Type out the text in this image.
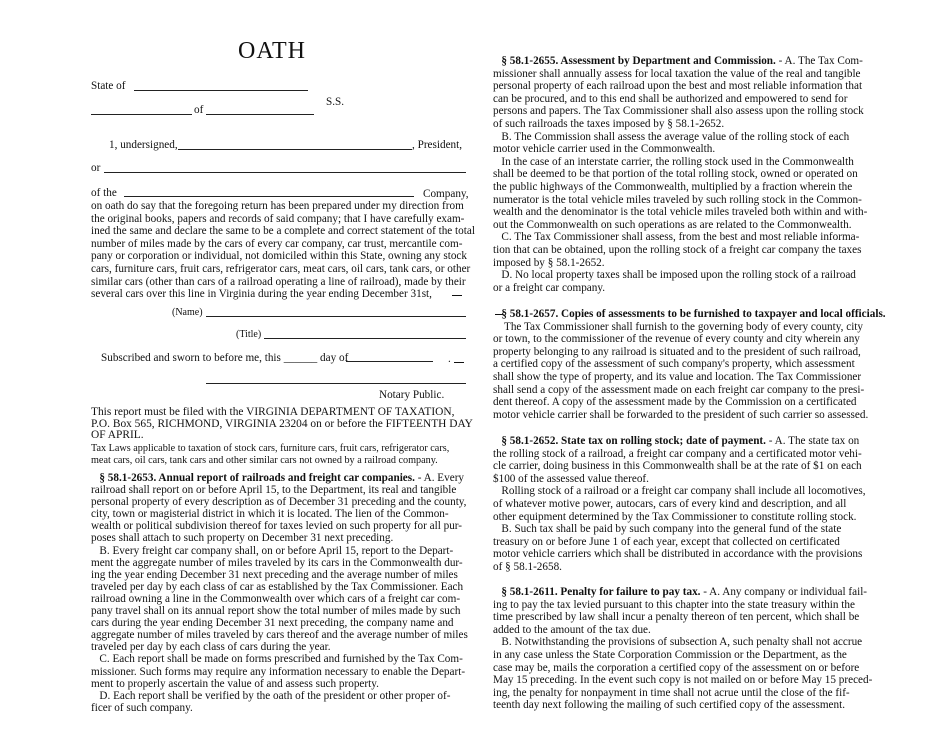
OATH
State of
of
S.S.
1, undersigned,	, President,
or
of the	Company,
on oath do say that the foregoing return has been prepared under my direction from
the original books, papers and records of said company; that I have carefully exam-
ined the same and declare the same to be a complete and correct statement of the total
number of miles made by the cars of every car company, car trust, mercantile com-
pany or corporation or individual, not domiciled within this State, owning any stock
cars, furniture cars, fruit cars, refrigerator cars, meat cars, oil cars, tank cars, or other
similar cars (other than cars of a railroad operating a line of railroad), made by their
several cars over this line in Virginia during the year ending December 31st,
(Name)
(Title)
Subscribed and sworn to before me, this ______ day of	.
Notary Public.
This report must be filed with the VIRGINIA DEPARTMENT OF TAXATION,
P.O. Box 565, RICHMOND, VIRGINIA 23204 on or before the FIFTEENTH DAY
OF APRIL.
Tax Laws applicable to taxation of stock cars, furniture cars, fruit cars, refrigerator cars,
meat cars, oil cars, tank cars and other similar cars not owned by a railroad company.
§ 58.1-2653. Annual report of railroads and freight car companies. - A. Every
railroad shall report on or before April 15, to the Department, its real and tangible
personal property of every description as of December 31 preceding and the county,
city, town or magisterial district in which it is located. The lien of the Common-
wealth or political subdivision thereof for taxes levied on such property for all pur-
poses shall attach to such property on December 31 next preceding.
B. Every freight car company shall, on or before April 15, report to the Depart-
ment the aggregate number of miles traveled by its cars in the Commonwealth dur-
ing the year ending December 31 next preceding and the average number of miles
traveled per day by each class of car as established by the Tax Commissioner. Each
railroad owning a line in the Commonwealth over which cars of a freight car com-
pany travel shall on its annual report show the total number of miles made by such
cars during the year ending December 31 next preceding, the company name and
aggregate number of miles traveled by cars thereof and the average number of miles
traveled per day by each class of cars during the year.
C. Each report shall be made on forms prescribed and furnished by the Tax Com-
missioner. Such forms may require any information necessary to enable the Depart-
ment to properly ascertain the value of and assess such property.
D. Each report shall be verified by the oath of the president or other proper of-
ficer of such company.
§ 58.1-2655. Assessment by Department and Commission. - A. The Tax Com-
missioner shall annually assess for local taxation the value of the real and tangible
personal property of each railroad upon the best and most reliable information that
can be procured, and to this end shall be authorized and empowered to send for
persons and papers. The Tax Commissioner shall also assess upon the rolling stock
of such railroads the taxes imposed by § 58.1-2652.
B. The Commission shall assess the average value of the rolling stock of each
motor vehicle carrier used in the Commonwealth.
In the case of an interstate carrier, the rolling stock used in the Commonwealth
shall be deemed to be that portion of the total rolling stock, owned or operated on
the public highways of the Commonwealth, multiplied by a fraction wherein the
numerator is the total vehicle miles traveled by such rolling stock in the Common-
wealth and the denominator is the total vehicle miles traveled both within and with-
out the Commonwealth on such operations as are related to the Commonwealth.
C. The Tax Commissioner shall assess, from the best and most reliable informa-
tion that can be obtained, upon the rolling stock of a freight car company the taxes
imposed by § 58.1-2652.
D. No local property taxes shall be imposed upon the rolling stock of a railroad
or a freight car company.
§ 58.1-2657. Copies of assessments to be furnished to taxpayer and local officials.
The Tax Commissioner shall furnish to the governing body of every county, city
or town, to the commissioner of the revenue of every county and city wherein any
property belonging to any railroad is situated and to the president of such railroad,
a certified copy of the assessment of such company's property, which assessment
shall show the type of property, and its value and location. The Tax Commissioner
shall send a copy of the assessment made on each freight car company to the presi-
dent thereof. A copy of the assessment made by the Commission on a certificated
motor vehicle carrier shall be forwarded to the president of such carrier so assessed.
§ 58.1-2652. State tax on rolling stock; date of payment. - A. The state tax on
the rolling stock of a railroad, a freight car company and a certificated motor vehi-
cle carrier, doing business in this Commonwealth shall be at the rate of $1 on each
$100 of the assessed value thereof.
Rolling stock of a railroad or a freight car company shall include all locomotives,
of whatever motive power, autocars, cars of every kind and description, and all
other equipment determined by the Tax Commissioner to constitute rolling stock.
B. Such tax shall be paid by such company into the general fund of the state
treasury on or before June 1 of each year, except that collected on certificated
motor vehicle carriers which shall be distributed in accordance with the provisions
of § 58.1-2658.
§ 58.1-2611. Penalty for failure to pay tax. - A. Any company or individual fail-
ing to pay the tax levied pursuant to this chapter into the state treasury within the
time prescribed by law shall incur a penalty thereon of ten percent, which shall be
added to the amount of the tax due.
B. Notwithstanding the provisions of subsection A, such penalty shall not accrue
in any case unless the State Corporation Commission or the Department, as the
case may be, mails the corporation a certified copy of the assessment on or before
May 15 preceding. In the event such copy is not mailed on or before May 15 preced-
ing, the penalty for nonpayment in time shall not acrue until the close of the fif-
teenth day next following the mailing of such certified copy of the assessment.
